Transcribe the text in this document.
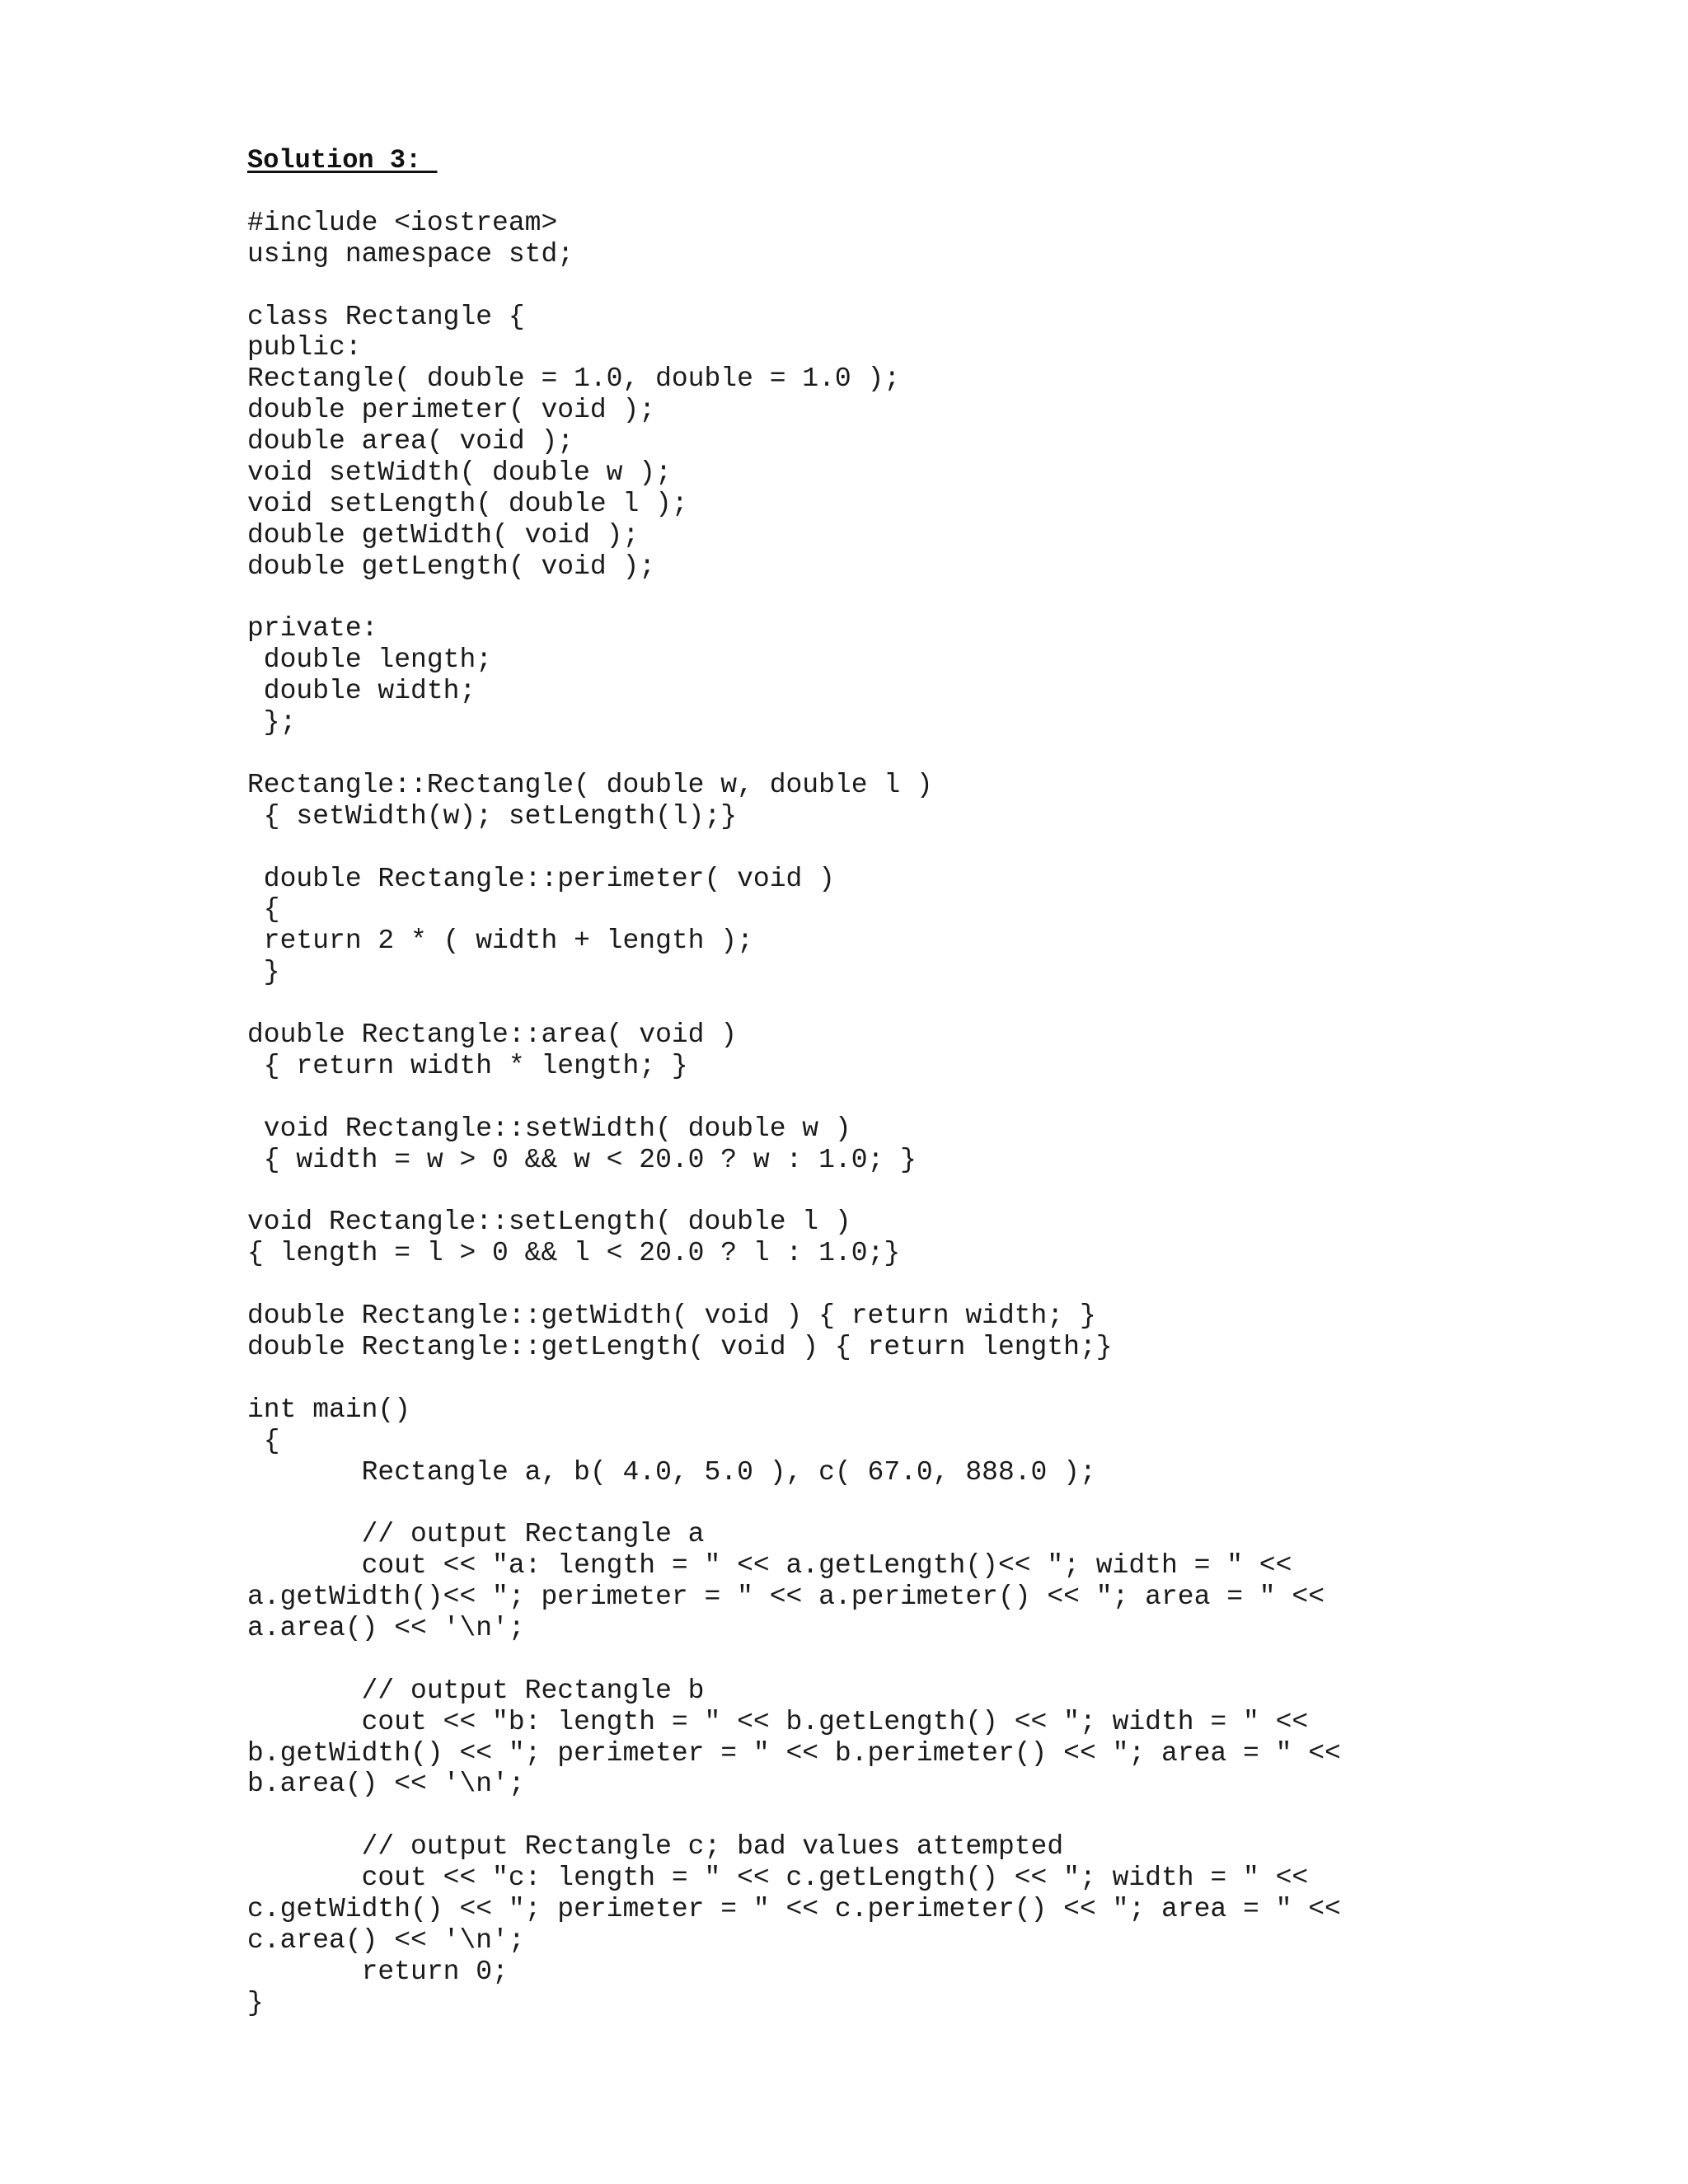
Solution 3:
#include <iostream>
using namespace std;
class Rectangle {
public:
Rectangle( double = 1.0, double = 1.0 );
double perimeter( void );
double area( void );
void setWidth( double w );
void setLength( double l );
double getWidth( void );
double getLength( void );
private:
double length;
double width;
};
Rectangle::Rectangle( double w, double l )
{ setWidth(w); setLength(l);}
double Rectangle::perimeter( void )
{
return 2 * ( width + length );
}
double Rectangle::area( void )
{ return width * length; }
void Rectangle::setWidth( double w )
{ width = w > 0 && w < 20.0 ? w : 1.0; }
void Rectangle::setLength( double l )
{ length = l > 0 && l < 20.0 ? l : 1.0;}
double Rectangle::getWidth( void ) { return width; }
double Rectangle::getLength( void ) { return length;}
int main()
{
Rectangle a, b( 4.0, 5.0 ), c( 67.0, 888.0 );
// output Rectangle a
cout << "a: length = " << a.getLength()<< "; width = " <<
a.getWidth()<< "; perimeter = " << a.perimeter() << "; area = " <<
a.area() << '\n';
// output Rectangle b
cout << "b: length = " << b.getLength() << "; width = " <<
b.getWidth() << "; perimeter = " << b.perimeter() << "; area = " <<
b.area() << '\n';
// output Rectangle c; bad values attempted
cout << "c: length = " << c.getLength() << "; width = " <<
c.getWidth() << "; perimeter = " << c.perimeter() << "; area = " <<
c.area() << '\n';
return 0;
}
